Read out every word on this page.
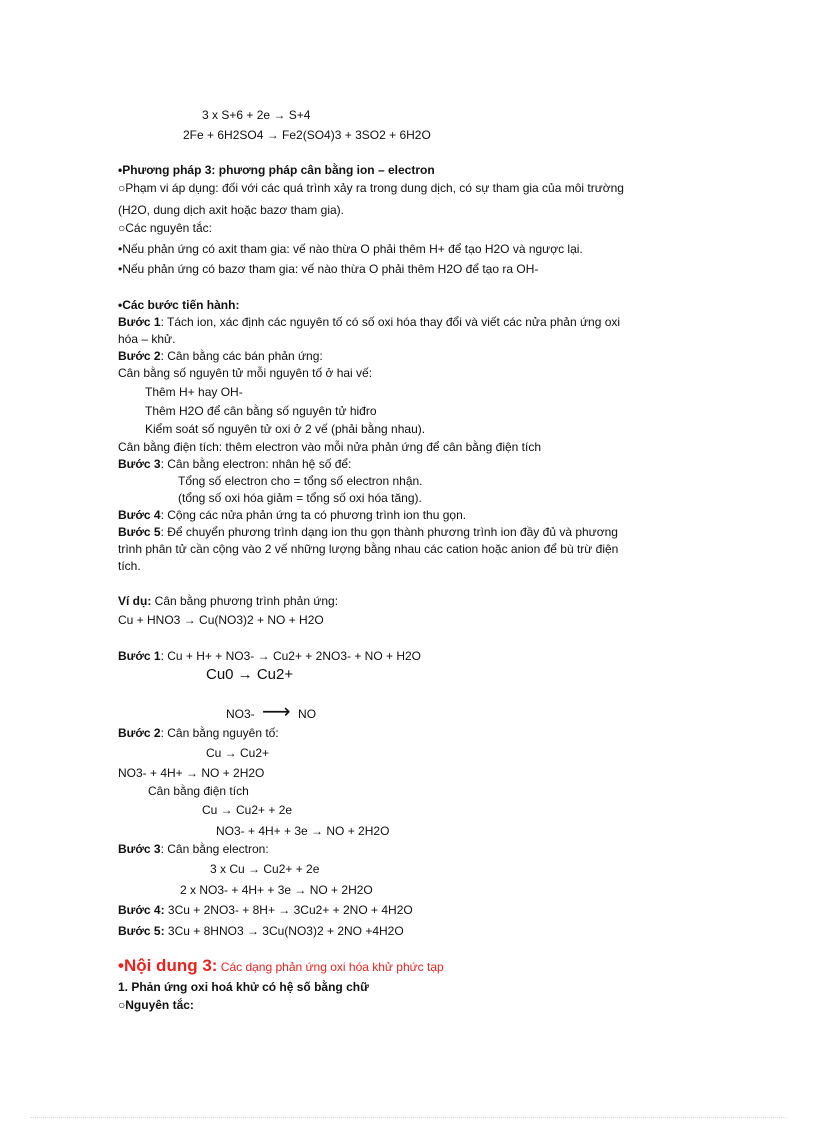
3 x S+6 + 2e → S+4
2Fe + 6H2SO4 → Fe2(SO4)3 + 3SO2 + 6H2O
•Phương pháp 3: phương pháp cân bằng ion – electron
○Phạm vi áp dụng: đối với các quá trình xảy ra trong dung dịch, có sự tham gia của môi trường
(H2O, dung dịch axit hoặc bazơ tham gia).
○Các nguyên tắc:
•Nếu phản ứng có axit tham gia: vế nào thừa O phải thêm H+ để tạo H2O và ngược lại.
•Nếu phản ứng có bazơ tham gia: vế nào thừa O phải thêm H2O để tạo ra OH-
•Các bước tiến hành:
Bước 1: Tách ion, xác định các nguyên tố có số oxi hóa thay đổi và viết các nửa phản ứng oxi
hóa – khử.
Bước 2: Cân bằng các bán phản ứng:
Cân bằng số nguyên tử mỗi nguyên tố ở hai vế:
Thêm H+ hay OH-
Thêm H2O để cân bằng số nguyên tử hiđro
Kiểm soát số nguyên tử oxi ở 2 vế (phải bằng nhau).
Cân bằng điện tích: thêm electron vào mỗi nửa phản ứng để cân bằng điện tích
Bước 3: Cân bằng electron: nhân hệ số để:
Tổng số electron cho = tổng số electron nhận.
(tổng số oxi hóa giảm = tổng số oxi hóa tăng).
Bước 4: Cộng các nửa phản ứng ta có phương trình ion thu gọn.
Bước 5: Để chuyển phương trình dạng ion thu gọn thành phương trình ion đầy đủ và phương
trình phân tử cần cộng vào 2 vế những lượng bằng nhau các cation hoặc anion để bù trừ điện
tích.
Ví dụ: Cân bằng phương trình phản ứng:
Cu + HNO3 → Cu(NO3)2 + NO + H2O
Bước 1: Cu + H+ + NO3- → Cu2+ + 2NO3- + NO + H2O
Cu0 → Cu2+
NO3- ⟶ NO
Bước 2: Cân bằng nguyên tố:
Cu → Cu2+
NO3- + 4H+ → NO + 2H2O
Cân bằng điện tích
Cu → Cu2+ + 2e
NO3- + 4H+ + 3e → NO + 2H2O
Bước 3: Cân bằng electron:
3 x Cu → Cu2+ + 2e
2 x NO3- + 4H+ + 3e → NO + 2H2O
Bước 4: 3Cu + 2NO3- + 8H+ → 3Cu2+ + 2NO + 4H2O
Bước 5: 3Cu + 8HNO3 → 3Cu(NO3)2 + 2NO +4H2O
•Nội dung 3: Các dạng phản ứng oxi hóa khử phức tạp
1. Phản ứng oxi hoá khử có hệ số bằng chữ
○Nguyên tắc:
